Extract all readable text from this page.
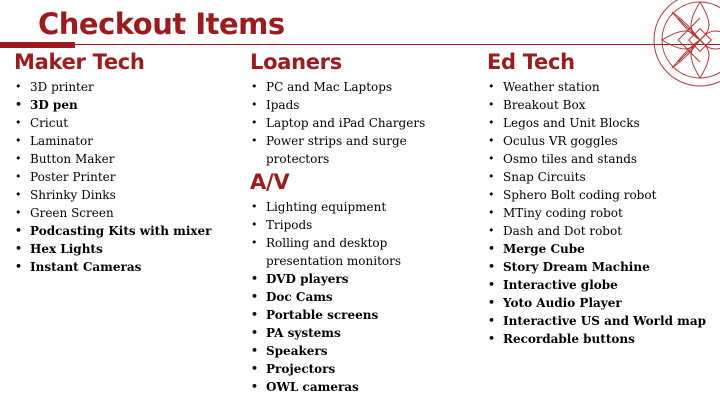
Checkout Items
Maker Tech
• 3D printer
• 3D pen
• Cricut
• Laminator
• Button Maker
• Poster Printer
• Shrinky Dinks
• Green Screen
• Podcasting Kits with mixer
• Hex Lights
• Instant Cameras
Loaners
• PC and Mac Laptops
• Ipads
• Laptop and iPad Chargers
• Power strips and surge protectors
A/V
• Lighting equipment
• Tripods
• Rolling and desktop presentation monitors
• DVD players
• Doc Cams
• Portable screens
• PA systems
• Speakers
• Projectors
• OWL cameras
Ed Tech
• Weather station
• Breakout Box
• Legos and Unit Blocks
• Oculus VR goggles
• Osmo tiles and stands
• Snap Circuits
• Sphero Bolt coding robot
• MTiny coding robot
• Dash and Dot robot
• Merge Cube
• Story Dream Machine
• Interactive globe
• Yoto Audio Player
• Interactive US and World map
• Recordable buttons
